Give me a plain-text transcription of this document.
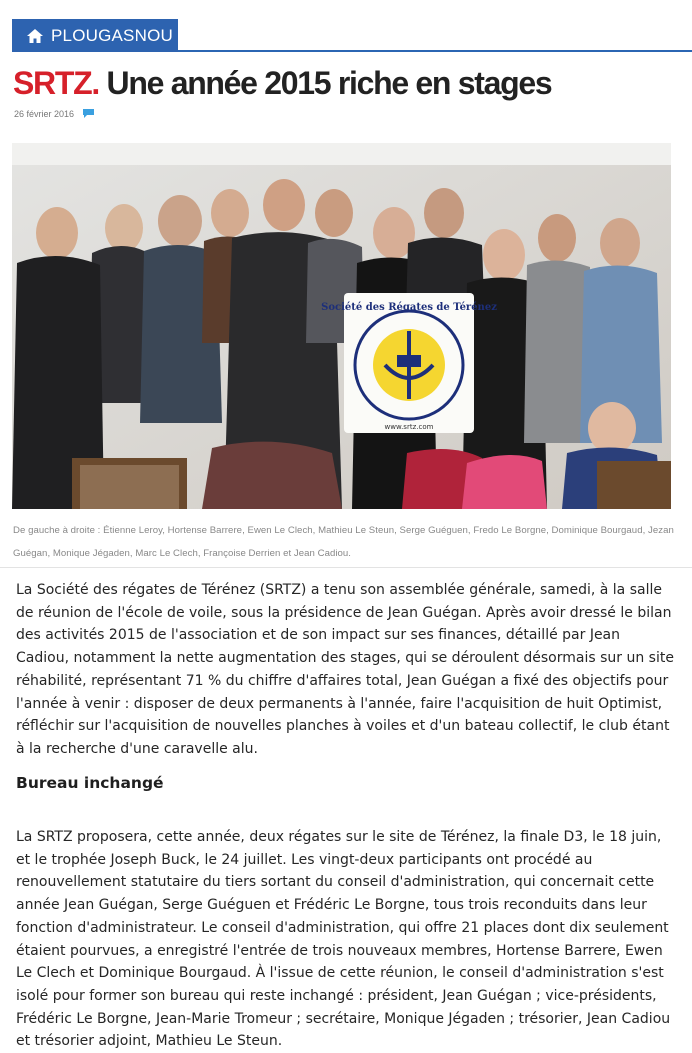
PLOUGASNOU
SRTZ. Une année 2015 riche en stages
26 février 2016
Société des Régates de Térénez
www.srtz.com

De gauche à droite : Étienne Leroy, Hortense Barrere, Ewen Le Clech, Mathieu Le Steun, Serge Guéguen, Fredo Le Borgne, Dominique Bourgaud, Jezan Guégan, Monique Jégaden, Marc Le Clech, Françoise Derrien et Jean Cadiou.

La Société des régates de Térénez (SRTZ) a tenu son assemblée générale, samedi, à la salle de réunion de l'école de voile, sous la présidence de Jean Guégan. Après avoir dressé le bilan des activités 2015 de l'association et de son impact sur ses finances, détaillé par Jean Cadiou, notamment la nette augmentation des stages, qui se déroulent désormais sur un site réhabilité, représentant 71 % du chiffre d'affaires total, Jean Guégan a fixé des objectifs pour l'année à venir : disposer de deux permanents à l'année, faire l'acquisition de huit Optimist, réfléchir sur l'acquisition de nouvelles planches à voiles et d'un bateau collectif, le club étant à la recherche d'une caravelle alu.

Bureau inchangé

La SRTZ proposera, cette année, deux régates sur le site de Térénez, la finale D3, le 18 juin, et le trophée Joseph Buck, le 24 juillet. Les vingt-deux participants ont procédé au renouvellement statutaire du tiers sortant du conseil d'administration, qui concernait cette année Jean Guégan, Serge Guéguen et Frédéric Le Borgne, tous trois reconduits dans leur fonction d'administrateur. Le conseil d'administration, qui offre 21 places dont dix seulement étaient pourvues, a enregistré l'entrée de trois nouveaux membres, Hortense Barrere, Ewen Le Clech et Dominique Bourgaud. À l'issue de cette réunion, le conseil d'administration s'est isolé pour former son bureau qui reste inchangé : président, Jean Guégan ; vice-présidents, Frédéric Le Borgne, Jean-Marie Tromeur ; secrétaire, Monique Jégaden ; trésorier, Jean Cadiou et trésorier adjoint, Mathieu Le Steun.
